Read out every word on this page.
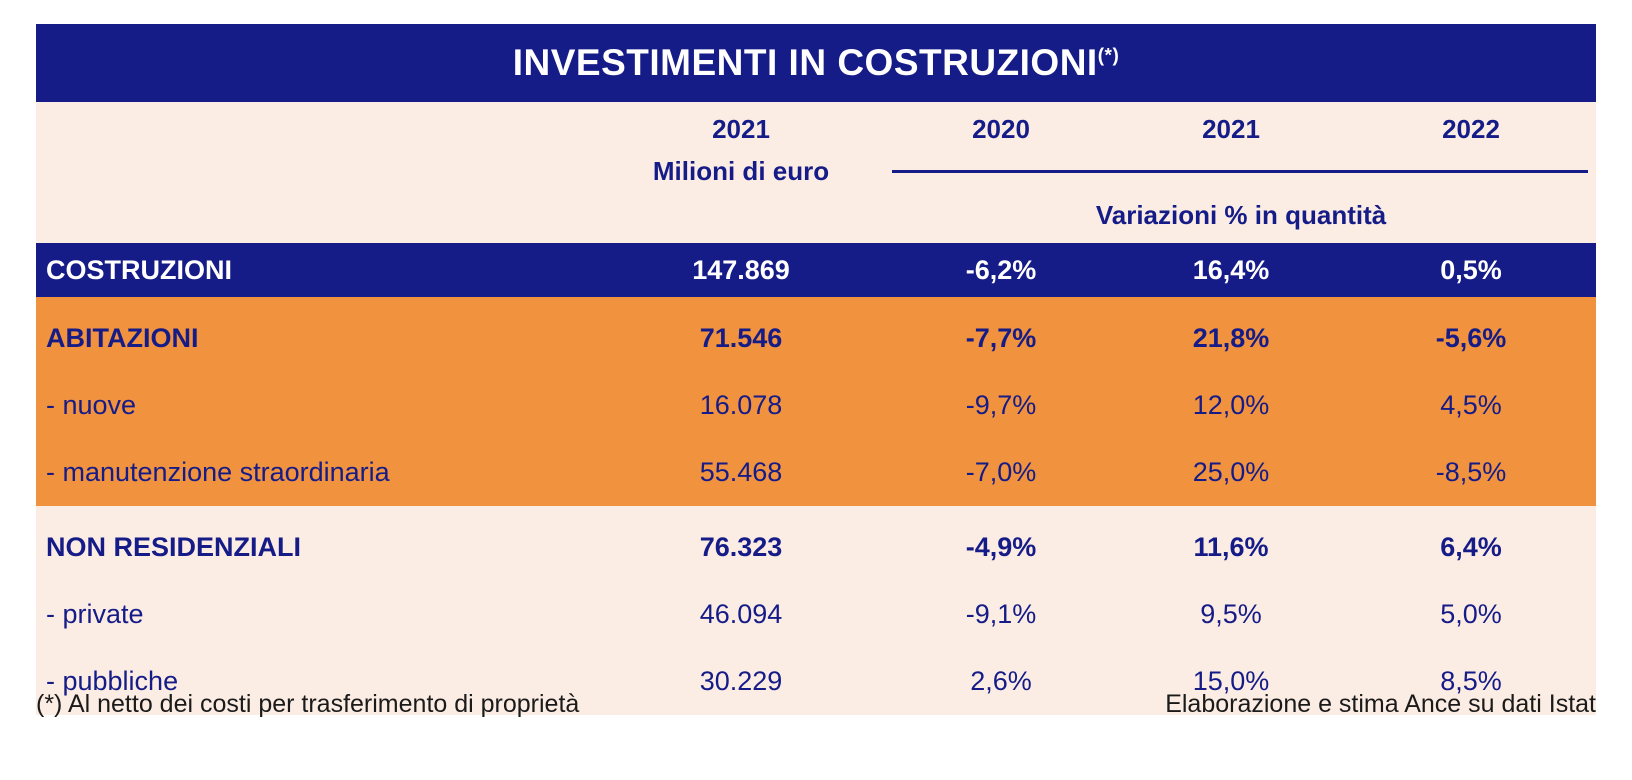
INVESTIMENTI IN COSTRUZIONI(*)
	2021	2020	2021	2022
	Milioni di euro			

		Variazioni % in quantità		
COSTRUZIONI	147.869	-6,2%	16,4%	0,5%

ABITAZIONI	71.546	-7,7%	21,8%	-5,6%
- nuove	16.078	-9,7%	12,0%	4,5%
- manutenzione straordinaria	55.468	-7,0%	25,0%	-8,5%

NON RESIDENZIALI	76.323	-4,9%	11,6%	6,4%
- private	46.094	-9,1%	9,5%	5,0%
- pubbliche	30.229	2,6%	15,0%	8,5%
(*) Al netto dei costi per trasferimento di proprietà	Elaborazione e stima Ance su dati Istat
